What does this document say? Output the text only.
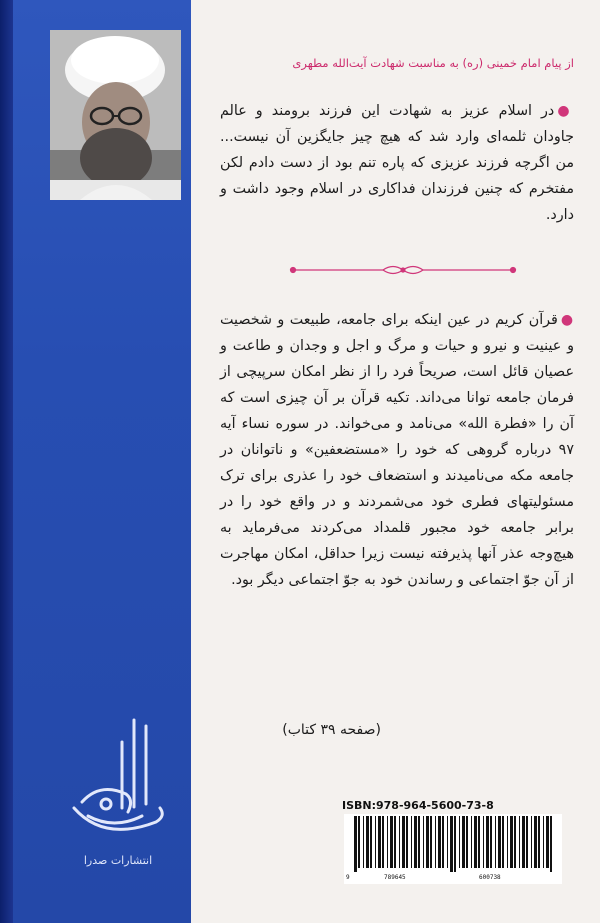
انتشارات صدرا
از پیام امام خمینی (ره) به مناسبت شهادت آیت‌الله مطهری
●در اسلام عزیز به شهادت این فرزند برومند و عالم جاودان ثلمه‌ای وارد شد که هیچ چیز جایگزین آن نیست... من اگرچه فرزند عزیزی که پاره تنم بود از دست دادم لکن مفتخرم که چنین فرزندان فداکاری در اسلام وجود داشت و دارد.
●قرآن کریم در عین اینکه برای جامعه، طبیعت و شخصیت و عینیت و نیرو و حیات و مرگ و اجل و وجدان و طاعت و عصیان قائل است، صریحاً فرد را از نظر امکان سرپیچی از فرمان جامعه توانا می‌داند. تکیه قرآن بر آن چیزی است که آن را «فطرة الله» می‌نامد و می‌خواند. در سوره نساء آیه ۹۷ درباره گروهی که خود را «مستضعفین» و ناتوانان در جامعه مکه می‌نامیدند و استضعاف خود را عذری برای ترک مسئولیتهای فطری خود می‌شمردند و در واقع خود را در برابر جامعه خود مجبور قلمداد می‌کردند می‌فرماید به هیچ‌وجه عذر آنها پذیرفته نیست زیرا حداقل، امکان مهاجرت از آن جوّ اجتماعی و رساندن خود به جوّ اجتماعی دیگر بود.
(صفحه ۳۹ کتاب)
ISBN:978-964-5600-73-8
9	789645	600738
